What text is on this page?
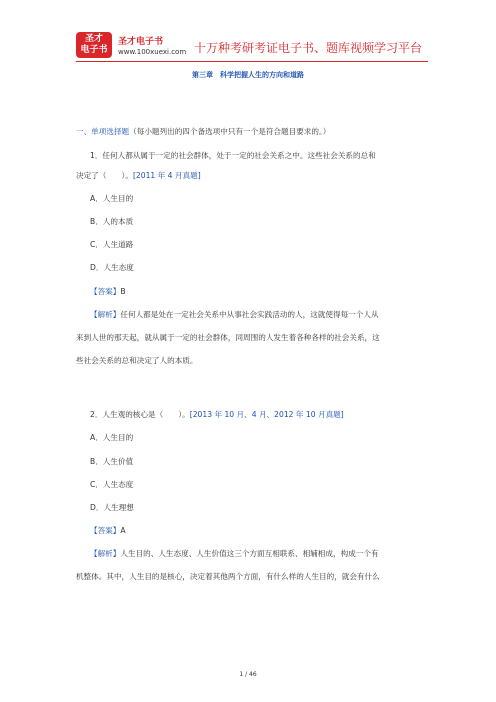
圣才
电子书
圣才电子书
www.100xuexi.com 十万种考研考证电子书、题库视频学习平台
第三章　科学把握人生的方向和道路
一、单项选择题（每小题列出的四个备选项中只有一个是符合题目要求的。）
1．任何人都从属于一定的社会群体，处于一定的社会关系之中。这些社会关系的总和
决定了（　　）。[2011 年 4 月真题]
A．人生目的
B．人的本质
C．人生道路
D．人生态度
【答案】B
【解析】任何人都是处在一定社会关系中从事社会实践活动的人，这就使得每一个人从
来到人世的那天起，就从属于一定的社会群体，同周围的人发生着各种各样的社会关系，这
些社会关系的总和决定了人的本质。
2．人生观的核心是（　　）。[2013 年 10 月、4 月、2012 年 10 月真题]
A．人生目的
B．人生价值
C．人生态度
D．人生理想
【答案】A
【解析】人生目的、人生态度、人生价值这三个方面互相联系、相辅相成，构成一个有
机整体。其中，人生目的是核心，决定着其他两个方面，有什么样的人生目的，就会有什么
1 / 46
